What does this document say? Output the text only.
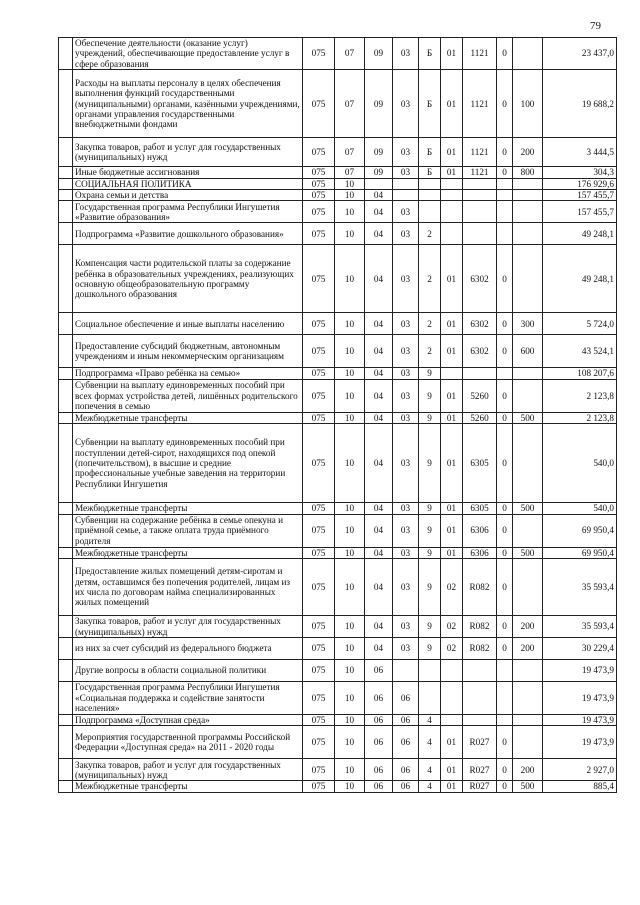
79
	Обеспечение деятельности (оказание услуг) учреждений, обеспечивающие предоставление услуг в сфере образования	075	07	09	03	Б	01	1121	0		23 437,0
	Расходы на выплаты персоналу в целях обеспечения выполнения функций государственными (муниципальными) органами, казёнными учреждениями, органами управления государственными внебюджетными фондами	075	07	09	03	Б	01	1121	0	100	19 688,2
	Закупка товаров, работ и услуг для государственных (муниципальных) нужд	075	07	09	03	Б	01	1121	0	200	3 444,5
	Иные бюджетные ассигнования	075	07	09	03	Б	01	1121	0	800	304,3
	СОЦИАЛЬНАЯ ПОЛИТИКА	075	10								176 929,6
	Охрана семьи и детства	075	10	04							157 455,7
	Государственная программа Республики Ингушетия «Развитие образования»	075	10	04	03						157 455,7
	Подпрограмма «Развитие дошкольного образования»	075	10	04	03	2					49 248,1
	Компенсация части родительской платы за содержание ребёнка в образовательных учреждениях, реализующих основную общеобразовательную программу дошкольного образования	075	10	04	03	2	01	6302	0		49 248,1
	Социальное обеспечение и иные выплаты населению	075	10	04	03	2	01	6302	0	300	5 724,0
	Предоставление субсидий бюджетным, автономным учреждениям и иным некоммерческим организациям	075	10	04	03	2	01	6302	0	600	43 524,1
	Подпрограмма «Право ребёнка на семью»	075	10	04	03	9					108 207,6
	Субвенции на выплату единовременных пособий при всех формах устройства детей, лишённых родительского попечения в семью	075	10	04	03	9	01	5260	0		2 123,8
	Межбюджетные трансферты	075	10	04	03	9	01	5260	0	500	2 123,8
	Субвенции на выплату единовременных пособий при поступлении детей-сирот, находящихся под опекой (попечительством), в высшие и средние профессиональные учебные заведения на территории Республики Ингушетия	075	10	04	03	9	01	6305	0		540,0
	Межбюджетные трансферты	075	10	04	03	9	01	6305	0	500	540,0
	Субвенции на содержание ребёнка в семье опекуна и приёмной семье, а также оплата труда приёмного родителя	075	10	04	03	9	01	6306	0		69 950,4
	Межбюджетные трансферты	075	10	04	03	9	01	6306	0	500	69 950,4
	Предоставление жилых помещений детям-сиротам и детям, оставшимся без попечения родителей, лицам из их числа по договорам найма специализированных жилых помещений	075	10	04	03	9	02	R082	0		35 593,4
	Закупка товаров, работ и услуг для государственных (муниципальных) нужд	075	10	04	03	9	02	R082	0	200	35 593,4
	из них за счет субсидий из федерального бюджета	075	10	04	03	9	02	R082	0	200	30 229,4
	Другие вопросы в области социальной политики	075	10	06							19 473,9
	Государственная программа Республики Ингушетия «Социальная поддержка и содействие занятости населения»	075	10	06	06						19 473,9
	Подпрограмма «Доступная среда»	075	10	06	06	4					19 473,9
	Мероприятия государственной программы Российской Федерации «Доступная среда» на 2011 - 2020 годы	075	10	06	06	4	01	R027	0		19 473,9
	Закупка товаров, работ и услуг для государственных (муниципальных) нужд	075	10	06	06	4	01	R027	0	200	2 927,0
	Межбюджетные трансферты	075	10	06	06	4	01	R027	0	500	885,4
